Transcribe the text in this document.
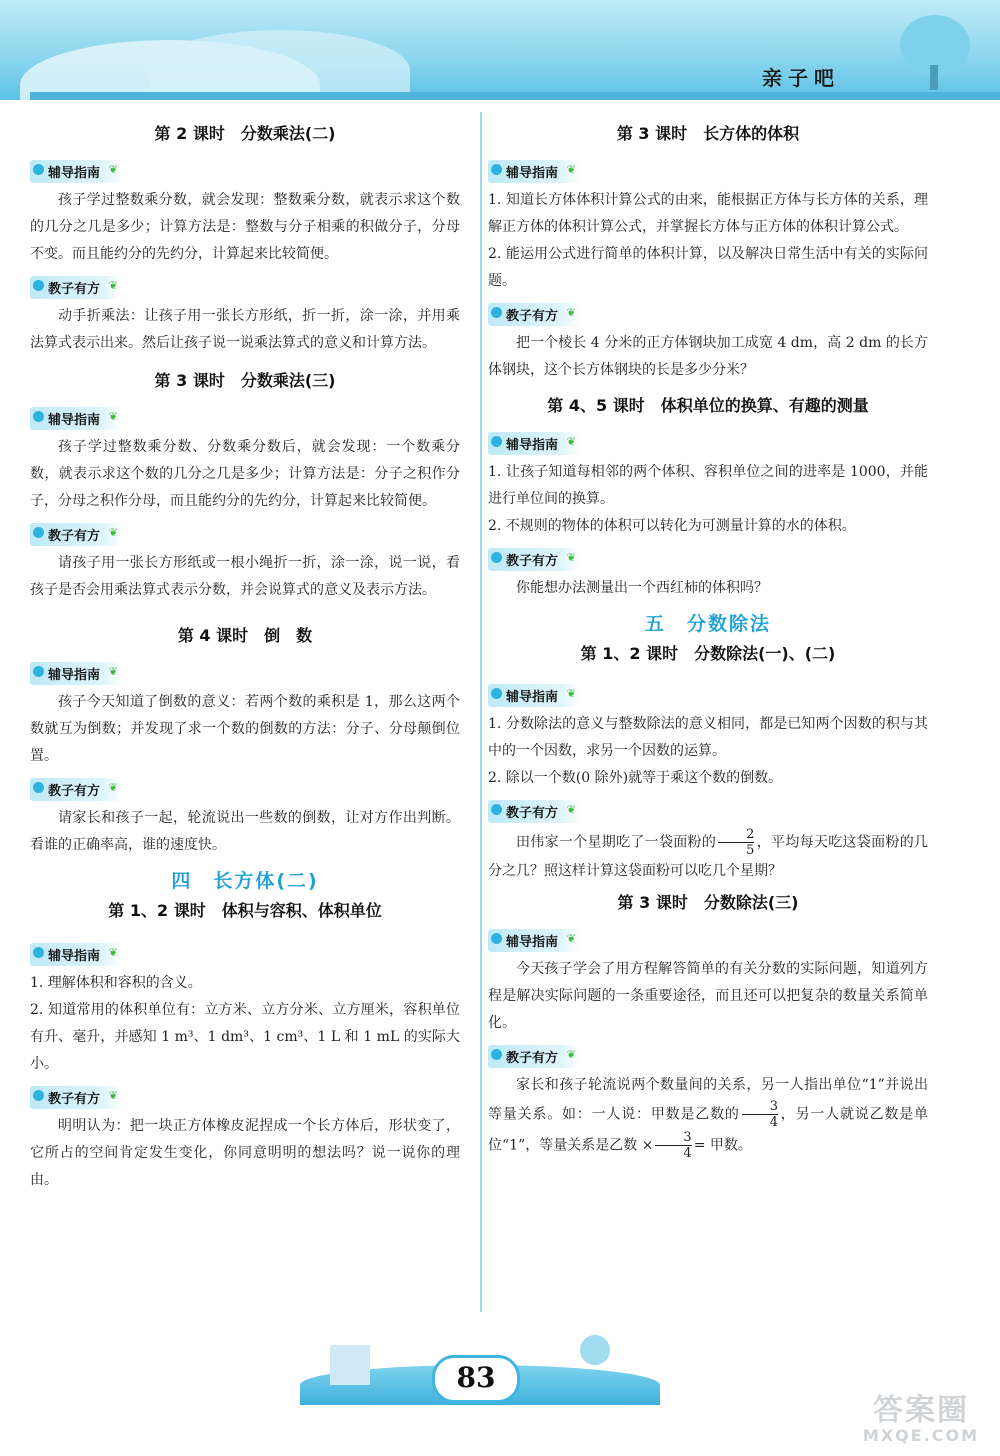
亲子吧
第 2 课时　分数乘法(二)
辅导指南 ❦

孩子学过整数乘分数，就会发现：整数乘分数，就表示求这个数的几分之几是多少；计算方法是：整数与分子相乘的积做分子，分母不变。而且能约分的先约分，计算起来比较简便。

教子有方 ❦

动手折乘法：让孩子用一张长方形纸，折一折，涂一涂，并用乘法算式表示出来。然后让孩子说一说乘法算式的意义和计算方法。

第 3 课时　分数乘法(三)
辅导指南 ❦

孩子学过整数乘分数、分数乘分数后，就会发现：一个数乘分数，就表示求这个数的几分之几是多少；计算方法是：分子之积作分子，分母之积作分母，而且能约分的先约分，计算起来比较简便。

教子有方 ❦

请孩子用一张长方形纸或一根小绳折一折，涂一涂，说一说，看孩子是否会用乘法算式表示分数，并会说算式的意义及表示方法。

第 4 课时　倒　数
辅导指南 ❦

孩子今天知道了倒数的意义：若两个数的乘积是 1，那么这两个数就互为倒数；并发现了求一个数的倒数的方法：分子、分母颠倒位置。

教子有方 ❦

请家长和孩子一起，轮流说出一些数的倒数，让对方作出判断。看谁的正确率高，谁的速度快。

四　长方体(二)
第 1、2 课时　体积与容积、体积单位
辅导指南 ❦

1. 理解体积和容积的含义。

2. 知道常用的体积单位有：立方米、立方分米、立方厘米，容积单位有升、毫升，并感知 1 m³、1 dm³、1 cm³、1 L 和 1 mL 的实际大小。

教子有方 ❦

明明认为：把一块正方体橡皮泥捏成一个长方体后，形状变了，它所占的空间肯定发生变化，你同意明明的想法吗？说一说你的理由。

第 3 课时　长方体的体积
辅导指南 ❦

1. 知道长方体体积计算公式的由来，能根据正方体与长方体的关系，理解正方体的体积计算公式，并掌握长方体与正方体的体积计算公式。

2. 能运用公式进行简单的体积计算，以及解决日常生活中有关的实际问题。

教子有方 ❦

把一个棱长 4 分米的正方体钢块加工成宽 4 dm，高 2 dm 的长方体钢块，这个长方体钢块的长是多少分米？

第 4、5 课时　体积单位的换算、有趣的测量
辅导指南 ❦

1. 让孩子知道每相邻的两个体积、容积单位之间的进率是 1000，并能进行单位间的换算。

2. 不规则的物体的体积可以转化为可测量计算的水的体积。

教子有方 ❦

你能想办法测量出一个西红柿的体积吗？

五　分数除法
第 1、2 课时　分数除法(一)、(二)
辅导指南 ❦

1. 分数除法的意义与整数除法的意义相同，都是已知两个因数的积与其中的一个因数，求另一个因数的运算。

2. 除以一个数(0 除外)就等于乘这个数的倒数。

教子有方 ❦

田伟家一个星期吃了一袋面粉的 $\frac{2}{5}$ ，平均每天吃这袋面粉的几分之几？照这样计算这袋面粉可以吃几个星期？

第 3 课时　分数除法(三)
辅导指南 ❦

今天孩子学会了用方程解答简单的有关分数的实际问题，知道列方程是解决实际问题的一条重要途径，而且还可以把复杂的数量关系简单化。

教子有方 ❦

家长和孩子轮流说两个数量间的关系，另一人指出单位“1”并说出等量关系。如：一人说：甲数是乙数的 $\frac{3}{4}$ ，另一人就说乙数是单位“1”，等量关系是乙数 × $\frac{3}{4}$ = 甲数。

83
答案圈
MXQE.COM
